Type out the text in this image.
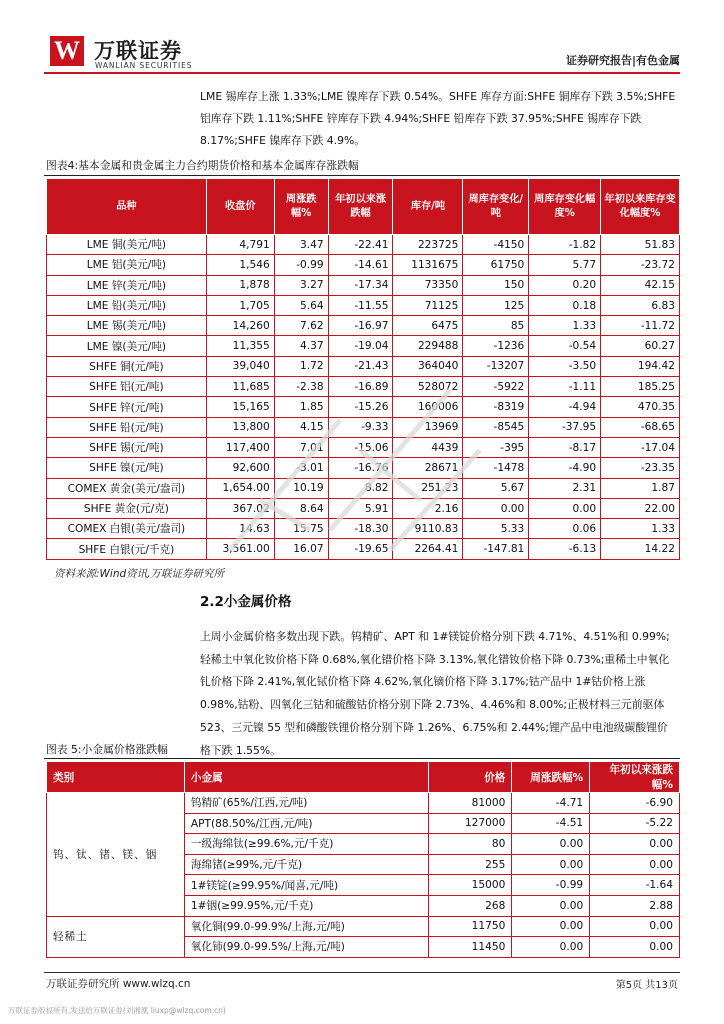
W 万联证券
WANLIAN SECURITIES	证券研究报告|有色金属
LME 锡库存上涨 1.33%;LME 镍库存下跌 0.54%。SHFE 库存方面:SHFE 铜库存下跌 3.5%;SHFE 铝库存下跌 1.11%;SHFE 锌库存下跌 4.94%;SHFE 铅库存下跌 37.95%;SHFE 锡库存下跌 8.17%;SHFE 镍库存下跌 4.9%。
图表4:基本金属和贵金属主力合约期货价格和基本金属库存涨跌幅
品种	收盘价	周涨跌幅%	年初以来涨跌幅	库存/吨	周库存变化/吨	周库存变化幅度%	年初以来库存变化幅度%
LME 铜(美元/吨)	4,791	3.47	-22.41	223725	-4150	-1.82	51.83
LME 铝(美元/吨)	1,546	-0.99	-14.61	1131675	61750	5.77	-23.72
LME 锌(美元/吨)	1,878	3.27	-17.34	73350	150	0.20	42.15
LME 铅(美元/吨)	1,705	5.64	-11.55	71125	125	0.18	6.83
LME 锡(美元/吨)	14,260	7.62	-16.97	6475	85	1.33	-11.72
LME 镍(美元/吨)	11,355	4.37	-19.04	229488	-1236	-0.54	60.27
SHFE 铜(元/吨)	39,040	1.72	-21.43	364040	-13207	-3.50	194.42
SHFE 铝(元/吨)	11,685	-2.38	-16.89	528072	-5922	-1.11	185.25
SHFE 锌(元/吨)	15,165	1.85	-15.26	160006	-8319	-4.94	470.35
SHFE 铅(元/吨)	13,800	4.15	-9.33	13969	-8545	-37.95	-68.65
SHFE 锡(元/吨)	117,400	7.01	-15.06	4439	-395	-8.17	-17.04
SHFE 镍(元/吨)	92,600	-3.01	-16.76	28671	-1478	-4.90	-23.35
COMEX 黄金(美元/盎司)	1,654.00	10.19	8.82	251.23	5.67	2.31	1.87
SHFE 黄金(元/克)	367.02	8.64	5.91	2.16	0.00	0.00	22.00
COMEX 白银(美元/盎司)	14.63	15.75	-18.30	9110.83	5.33	0.06	1.33
SHFE 白银(元/千克)	3,561.00	16.07	-19.65	2264.41	-147.81	-6.13	14.22
资料来源:Wind资讯,万联证券研究所
2.2小金属价格
上周小金属价格多数出现下跌。钨精矿、APT 和 1#镁锭价格分别下跌 4.71%、4.51%和 0.99%;轻稀土中氧化钕价格下降 0.68%,氧化镨价格下降 3.13%,氧化镨钕价格下降 0.73%;重稀土中氧化钆价格下降 2.41%,氧化铽价格下降 4.62%,氧化镝价格下降 3.17%;钴产品中 1#钴价格上涨 0.98%,钴粉、四氧化三钴和硫酸钴价格分别下降 2.73%、4.46%和 8.00%;正极材料三元前驱体 523、三元镍 55 型和磷酸铁锂价格分别下降 1.26%、6.75%和 2.44%;锂产品中电池级碳酸锂价格下跌 1.55%。
图表 5:小金属价格涨跌幅
类别	小金属	价格	周涨跌幅%	年初以来涨跌幅%
钨、钛、锗、镁、铟	钨精矿(65%/江西,元/吨)	81000	-4.71	-6.90
	APT(88.50%/江西,元/吨)	127000	-4.51	-5.22
	一级海绵钛(≥99.6%,元/千克)	80	0.00	0.00
	海绵锗(≥99%,元/千克)	255	0.00	0.00
	1#镁锭(≥99.95%/闻喜,元/吨)	15000	-0.99	-1.64
	1#铟(≥99.95%,元/千克)	268	0.00	2.88
轻稀土	氧化铜(99.0-99.9%/上海,元/吨)	11750	0.00	0.00
	氧化铈(99.0-99.5%/上海,元/吨)	11450	0.00	0.00
万联证券研究所 www.wlzq.cn	第5页 共13页
万联证券版权所有,发送给万联证券(刘湘凰 liuxp@wlzq.com.cn)
